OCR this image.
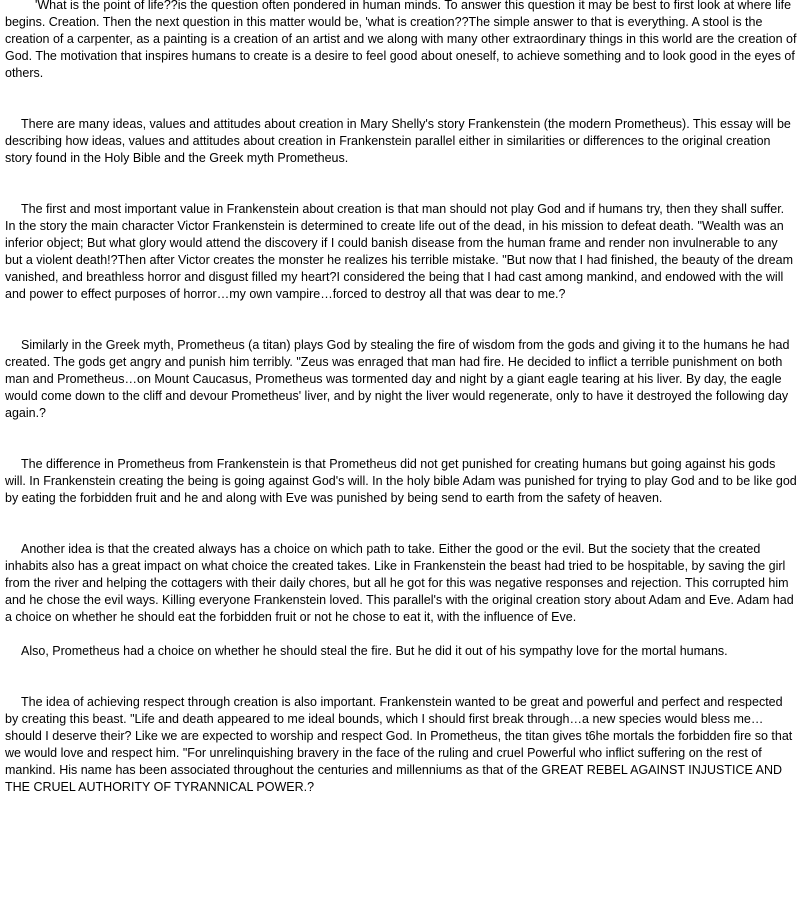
'What is the point of life??is the question often pondered in human minds. To answer this question it may be best to first look at where life begins. Creation. Then the next question in this matter would be, 'what is creation??The simple answer to that is everything. A stool is the creation of a carpenter, as a painting is a creation of an artist and we along with many other extraordinary things in this world are the creation of God. The motivation that inspires humans to create is a desire to feel good about oneself, to achieve something and to look good in the eyes of others.

There are many ideas, values and attitudes about creation in Mary Shelly's story Frankenstein (the modern Prometheus). This essay will be describing how ideas, values and attitudes about creation in Frankenstein parallel either in similarities or differences to the original creation story found in the Holy Bible and the Greek myth Prometheus.

The first and most important value in Frankenstein about creation is that man should not play God and if humans try, then they shall suffer. In the story the main character Victor Frankenstein is determined to create life out of the dead, in his mission to defeat death. "Wealth was an inferior object; But what glory would attend the discovery if I could banish disease from the human frame and render non invulnerable to any but a violent death!?Then after Victor creates the monster he realizes his terrible mistake. "But now that I had finished, the beauty of the dream vanished, and breathless horror and disgust filled my heart?I considered the being that I had cast among mankind, and endowed with the will and power to effect purposes of horror…my own vampire…forced to destroy all that was dear to me.?

Similarly in the Greek myth, Prometheus (a titan) plays God by stealing the fire of wisdom from the gods and giving it to the humans he had created. The gods get angry and punish him terribly. "Zeus was enraged that man had fire. He decided to inflict a terrible punishment on both man and Prometheus…on Mount Caucasus, Prometheus was tormented day and night by a giant eagle tearing at his liver. By day, the eagle would come down to the cliff and devour Prometheus' liver, and by night the liver would regenerate, only to have it destroyed the following day again.?

The difference in Prometheus from Frankenstein is that Prometheus did not get punished for creating humans but going against his gods will. In Frankenstein creating the being is going against God's will. In the holy bible Adam was punished for trying to play God and to be like god by eating the forbidden fruit and he and along with Eve was punished by being send to earth from the safety of heaven.

Another idea is that the created always has a choice on which path to take. Either the good or the evil. But the society that the created inhabits also has a great impact on what choice the created takes. Like in Frankenstein the beast had tried to be hospitable, by saving the girl from the river and helping the cottagers with their daily chores, but all he got for this was negative responses and rejection. This corrupted him and he chose the evil ways. Killing everyone Frankenstein loved. This parallel's with the original creation story about Adam and Eve. Adam had a choice on whether he should eat the forbidden fruit or not he chose to eat it, with the influence of Eve.

Also, Prometheus had a choice on whether he should steal the fire. But he did it out of his sympathy love for the mortal humans.

The idea of achieving respect through creation is also important. Frankenstein wanted to be great and powerful and perfect and respected by creating this beast. "Life and death appeared to me ideal bounds, which I should first break through…a new species would bless me…should I deserve their? Like we are expected to worship and respect God. In Prometheus, the titan gives t6he mortals the forbidden fire so that we would love and respect him. "For unrelinquishing bravery in the face of the ruling and cruel Powerful who inflict suffering on the rest of mankind. His name has been associated throughout the centuries and millenniums as that of the GREAT REBEL AGAINST INJUSTICE AND THE CRUEL AUTHORITY OF TYRANNICAL POWER.?
